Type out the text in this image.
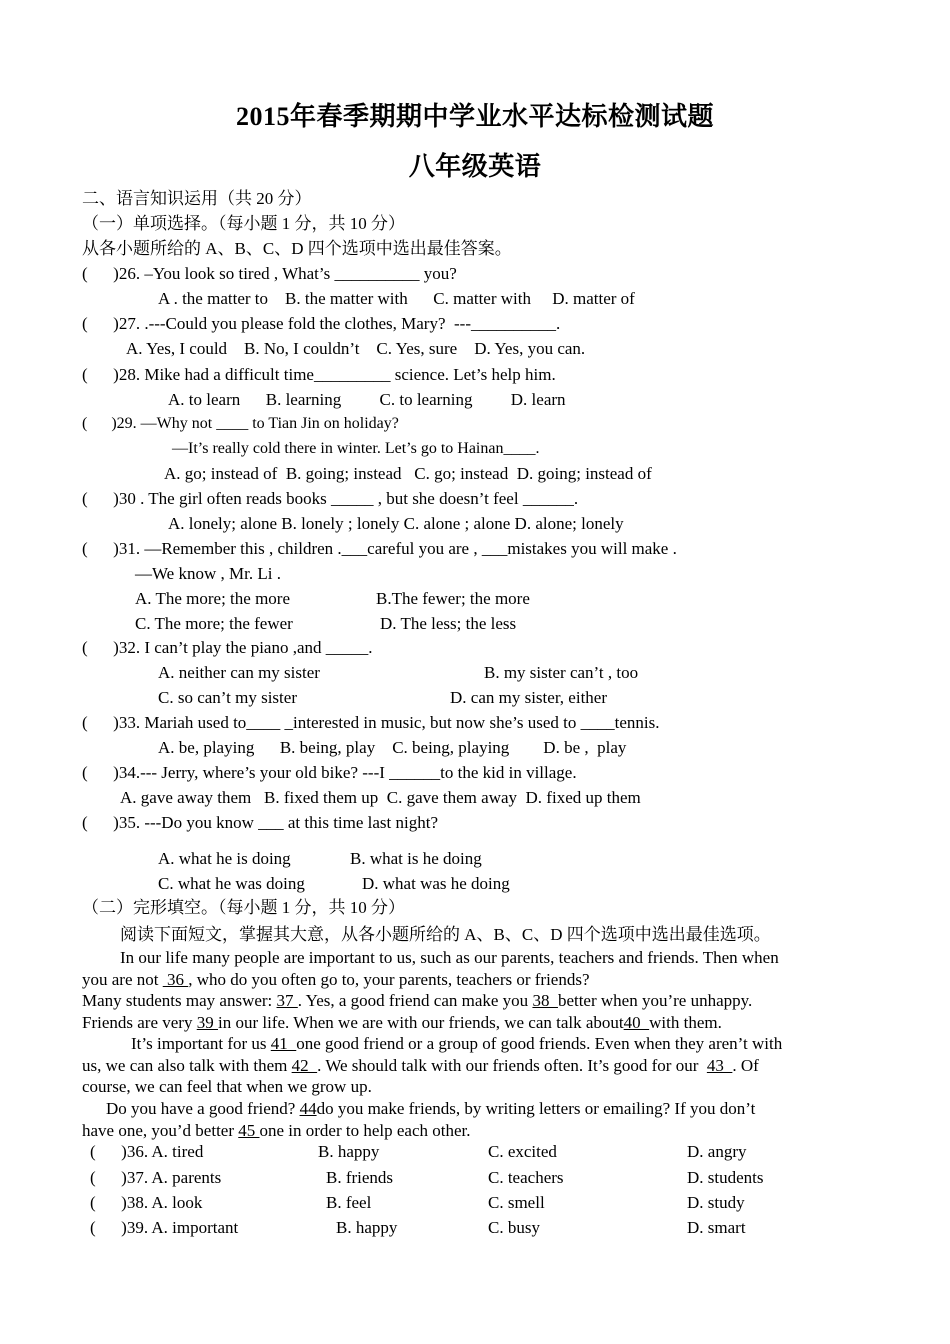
2015年春季期期中学业水平达标检测试题
八年级英语
二、语言知识运用（共 20 分）
（一）单项选择。（每小题 1 分，共 10 分）
从各小题所给的 A、B、C、D 四个选项中选出最佳答案。
(      )26. –You look so tired , What’s __________ you?
A . the matter to    B. the matter with      C. matter with     D. matter of
(      )27. .---Could you please fold the clothes, Mary?  ---__________.
A. Yes, I could    B. No, I couldn’t    C. Yes, sure    D. Yes, you can.
(      )28. Mike had a difficult time_________ science. Let’s help him.
A. to learn      B. learning         C. to learning         D. learn
(      )29. —Why not ____ to Tian Jin on holiday?
—It’s really cold there in winter. Let’s go to Hainan____.
A. go; instead of  B. going; instead   C. go; instead  D. going; instead of
(      )30 . The girl often reads books _____ , but she doesn’t feel ______.
A. lonely; alone B. lonely ; lonely C. alone ; alone D. alone; lonely
(      )31. —Remember this , children .___careful you are , ___mistakes you will make .
—We know , Mr. Li .
A. The more; the more	B.The fewer; the more
C. The more; the fewer	D. The less; the less
(      )32. I can’t play the piano ,and _____.
A. neither can my sister	B. my sister can’t , too
C. so can’t my sister	D. can my sister, either
(      )33. Mariah used to____ _interested in music, but now she’s used to ____tennis.
A. be, playing      B. being, play    C. being, playing        D. be ,  play
(      )34.--- Jerry, where’s your old bike? ---I ______to the kid in village.
A. gave away them   B. fixed them up  C. gave them away  D. fixed up them
(      )35. ---Do you know ___ at this time last night?
A. what he is doing	B. what is he doing
C. what he was doing	D. what was he doing
（二）完形填空。（每小题 1 分，共 10 分）
阅读下面短文，掌握其大意，从各小题所给的 A、B、C、D 四个选项中选出最佳选项。
In our life many people are important to us, such as our parents, teachers and friends. Then when
you are not  36 , who do you often go to, your parents, teachers or friends?
Many students may answer: 37 . Yes, a good friend can make you 38  better when you’re unhappy.
Friends are very 39 in our life. When we are with our friends, we can talk about40  with them.
It’s important for us 41  one good friend or a group of good friends. Even when they aren’t with
us, we can also talk with them 42  . We should talk with our friends often. It’s good for our  43  . Of
course, we can feel that when we grow up.
Do you have a good friend? 44do you make friends, by writing letters or emailing? If you don’t
have one, you’d better 45 one in order to help each other.
(      )36. A. tired	B. happy	C. excited	D. angry
(      )37. A. parents	B. friends	C. teachers	D. students
(      )38. A. look	B. feel	C. smell	D. study
(      )39. A. important	B. happy	C. busy	D. smart
